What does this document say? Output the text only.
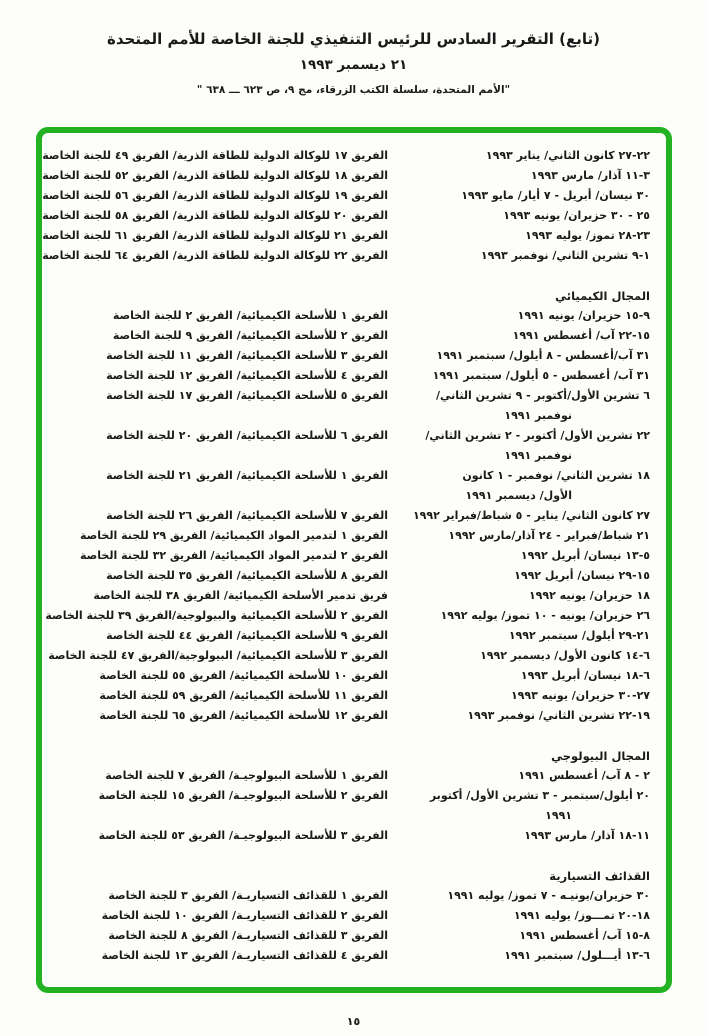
(تابع) التقرير السادس للرئيس التنفيذي للجنة الخاصة للأمم المتحدة
٢١ ديسمبر ١٩٩٣
"الأمم المتحدة، سلسلة الكتب الزرقاء، مج ٩، ص ٦٢٣ ـــ ٦٣٨ "
٢٢-٢٧ كانون الثاني/ يناير ١٩٩٣
الفريق ١٧ للوكالة الدولية للطاقة الذرية/ الفريق ٤٩ للجنة الخاصة
٣-١١ آذار/ مارس ١٩٩٣
الفريق ١٨ للوكالة الدولية للطاقة الذرية/ الفريق ٥٢ للجنة الخاصة
٣٠ نيسان/ أبريل - ٧ أيار/ مايو ١٩٩٣
الفريق ١٩ للوكالة الدولية للطاقة الذرية/ الفريق ٥٦ للجنة الخاصة
٢٥ - ٣٠ حزيران/ يونيه ١٩٩٣
الفريق ٢٠ للوكالة الدولية للطاقة الذرية/ الفريق ٥٨ للجنة الخاصة
٢٣-٢٨ تموز/ يوليه ١٩٩٣
الفريق ٢١ للوكالة الدولية للطاقة الذرية/ الفريق ٦١ للجنة الخاصة
١-٩ تشرين الثاني/ نوفمبر ١٩٩٣
الفريق ٢٢ للوكالة الدولية للطاقة الذرية/ الفريق ٦٤ للجنة الخاصة
المجال الكيميائي
٩-١٥ حزيران/ يونيه ١٩٩١
الفريق ١ للأسلحة الكيميائية/ الفريق ٢ للجنة الخاصة
١٥-٢٢ آب/ أغسطس ١٩٩١
الفريق ٢ للأسلحة الكيميائية/ الفريق ٩ للجنة الخاصة
٣١ آب/أغسطس - ٨ أيلول/ سبتمبر ١٩٩١
الفريق ٣ للأسلحة الكيميائية/ الفريق ١١ للجنة الخاصة
٣١ آب/ أغسطس - ٥ أيلول/ سبتمبر ١٩٩١
الفريق ٤ للأسلحة الكيميائية/ الفريق ١٢ للجنة الخاصة
٦ تشرين الأول/أكتوبر - ٩ تشرين الثاني/
نوفمبر ١٩٩١
الفريق ٥ للأسلحة الكيميائية/ الفريق ١٧ للجنة الخاصة
٢٢ تشرين الأول/ أكتوبر - ٢ تشرين الثاني/
نوفمبر ١٩٩١
الفريق ٦ للأسلحة الكيميائية/ الفريق ٢٠ للجنة الخاصة
١٨ تشرين الثاني/ نوفمبر - ١ كانون
الأول/ ديسمبر ١٩٩١
الفريق ١ للأسلحة الكيميائية/ الفريق ٢١ للجنة الخاصة
٢٧ كانون الثاني/ يناير - ٥ شباط/فبراير ١٩٩٢
الفريق ٧ للأسلحة الكيميائية/ الفريق ٢٦ للجنة الخاصة
٢١ شباط/فبراير - ٢٤ آذار/مارس ١٩٩٢
الفريق ١ لتدمير المواد الكيميائية/ الفريق ٢٩ للجنة الخاصة
٥-١٣ نيسان/ أبريل ١٩٩٢
الفريق ٢ لتدمير المواد الكيميائية/ الفريق ٣٢ للجنة الخاصة
١٥-٢٩ نيسان/ أبريل ١٩٩٢
الفريق ٨ للأسلحة الكيميائية/ الفريق ٣٥ للجنة الخاصة
١٨ حزيران/ يونيه ١٩٩٢
فريق تدمير الأسلحة الكيميائية/ الفريق ٣٨ للجنة الخاصة
٢٦ حزيران/ يونيه - ١٠ تموز/ يوليه ١٩٩٢
الفريق ٢ للأسلحة الكيميائية والبيولوجية/الفريق ٣٩ للجنة الخاصة
٢١-٢٩ أيلول/ سبتمبر ١٩٩٢
الفريق ٩ للأسلحة الكيميائية/ الفريق ٤٤ للجنة الخاصة
٦-١٤ كانون الأول/ ديسمبر ١٩٩٢
الفريق ٣ للأسلحة الكيميائية/ البيولوجية/الفريق ٤٧ للجنة الخاصة
٦-١٨ نيسان/ أبريل ١٩٩٣
الفريق ١٠ للأسلحة الكيميائية/ الفريق ٥٥ للجنة الخاصة
٢٧-٣٠ حزيران/ يونيه ١٩٩٣
الفريق ١١ للأسلحة الكيميائية/ الفريق ٥٩ للجنة الخاصة
١٩-٢٢ تشرين الثاني/ نوفمبر ١٩٩٣
الفريق ١٢ للأسلحة الكيميائية/ الفريق ٦٥ للجنة الخاصة
المجال البيولوجي
٢ - ٨ آب/ أغسطس ١٩٩١
الفريق ١ للأسلحة البيولوجيـة/ الفريق ٧ للجنة الخاصة
٢٠ أيلول/سبتمبر - ٣ تشرين الأول/ أكتوبر
١٩٩١
الفريق ٢ للأسلحة البيولوجيـة/ الفريق ١٥ للجنة الخاصة
١١-١٨ آذار/ مارس ١٩٩٣
الفريق ٣ للأسلحة البيولوجيـة/ الفريق ٥٣ للجنة الخاصة
القذائف التسيارية
٣٠ حزيران/يونيـه - ٧ تموز/ يوليه ١٩٩١
الفريق ١ للقذائف التسياريـة/ الفريق ٣ للجنة الخاصة
١٨-٢٠ تمـــوز/ يوليه ١٩٩١
الفريق ٢ للقذائف التسياريـة/ الفريق ١٠ للجنة الخاصة
٨-١٥ آب/ أغسطس ١٩٩١
الفريق ٣ للقذائف التسياريـة/ الفريق ٨ للجنة الخاصة
٦-١٣ أيـــلول/ سبتمبر ١٩٩١
الفريق ٤ للقذائف التسياريـة/ الفريق ١٣ للجنة الخاصة
١٥
